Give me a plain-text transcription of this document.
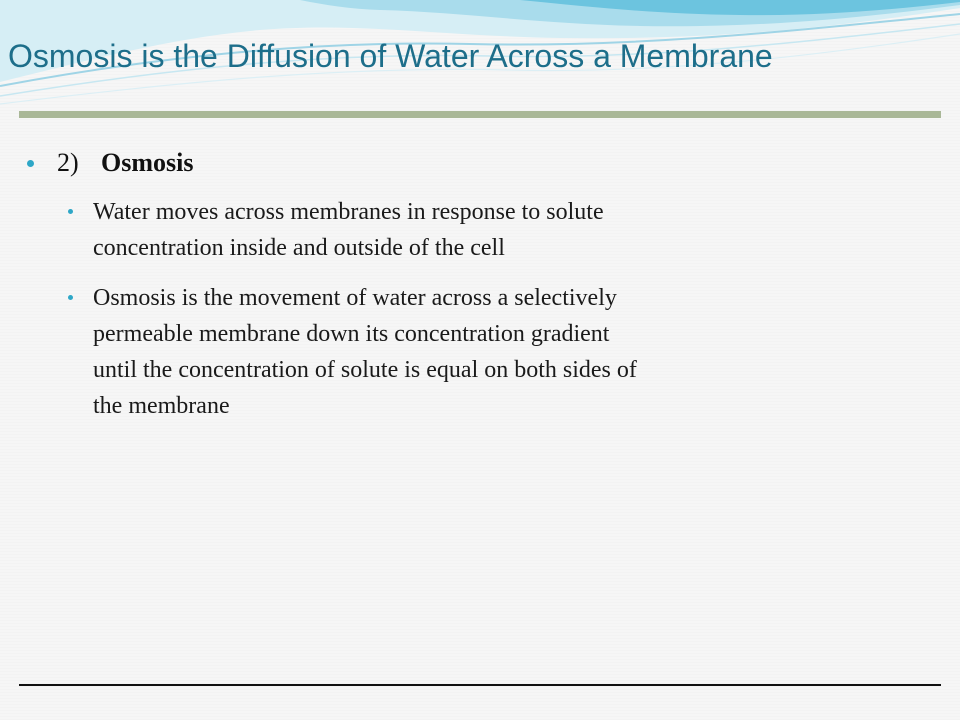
Osmosis is the Diffusion of Water Across a Membrane
2) Osmosis
Water moves across membranes in response to solute
concentration inside and outside of the cell
Osmosis is the movement of water across a selectively
permeable membrane down its concentration gradient
until the concentration of solute is equal on both sides of
the membrane
